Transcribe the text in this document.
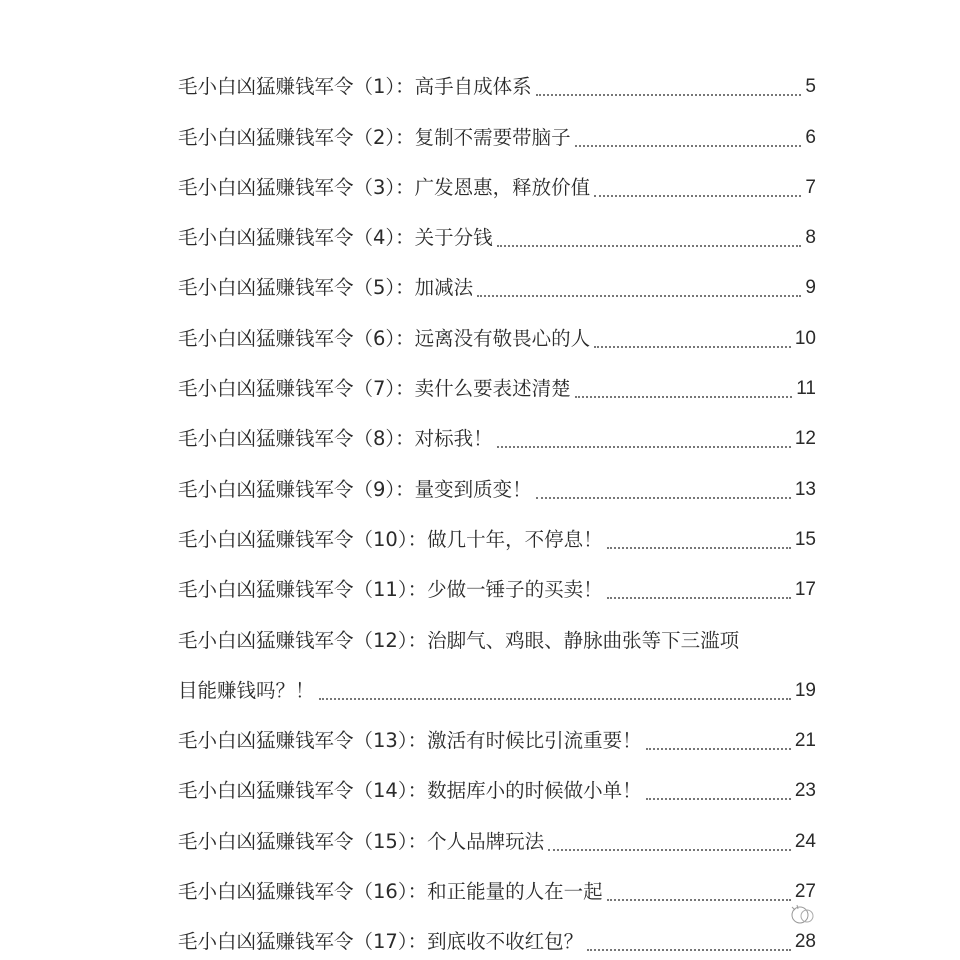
毛小白凶猛赚钱军令（1）：高手自成体系	5
毛小白凶猛赚钱军令（2）：复制不需要带脑子	6
毛小白凶猛赚钱军令（3）：广发恩惠，释放价值	7
毛小白凶猛赚钱军令（4）：关于分钱	8
毛小白凶猛赚钱军令（5）：加减法	9
毛小白凶猛赚钱军令（6）：远离没有敬畏心的人	10
毛小白凶猛赚钱军令（7）：卖什么要表述清楚	11
毛小白凶猛赚钱军令（8）：对标我！	12
毛小白凶猛赚钱军令（9）：量变到质变！	13
毛小白凶猛赚钱军令（10）：做几十年，不停息！	15
毛小白凶猛赚钱军令（11）：少做一锤子的买卖！	17
毛小白凶猛赚钱军令（12）：治脚气、鸡眼、静脉曲张等下三滥项
目能赚钱吗？！	19
毛小白凶猛赚钱军令（13）：激活有时候比引流重要！	21
毛小白凶猛赚钱军令（14）：数据库小的时候做小单！	23
毛小白凶猛赚钱军令（15）：个人品牌玩法	24
毛小白凶猛赚钱军令（16）：和正能量的人在一起	27
毛小白凶猛赚钱军令（17）：到底收不收红包？	28
